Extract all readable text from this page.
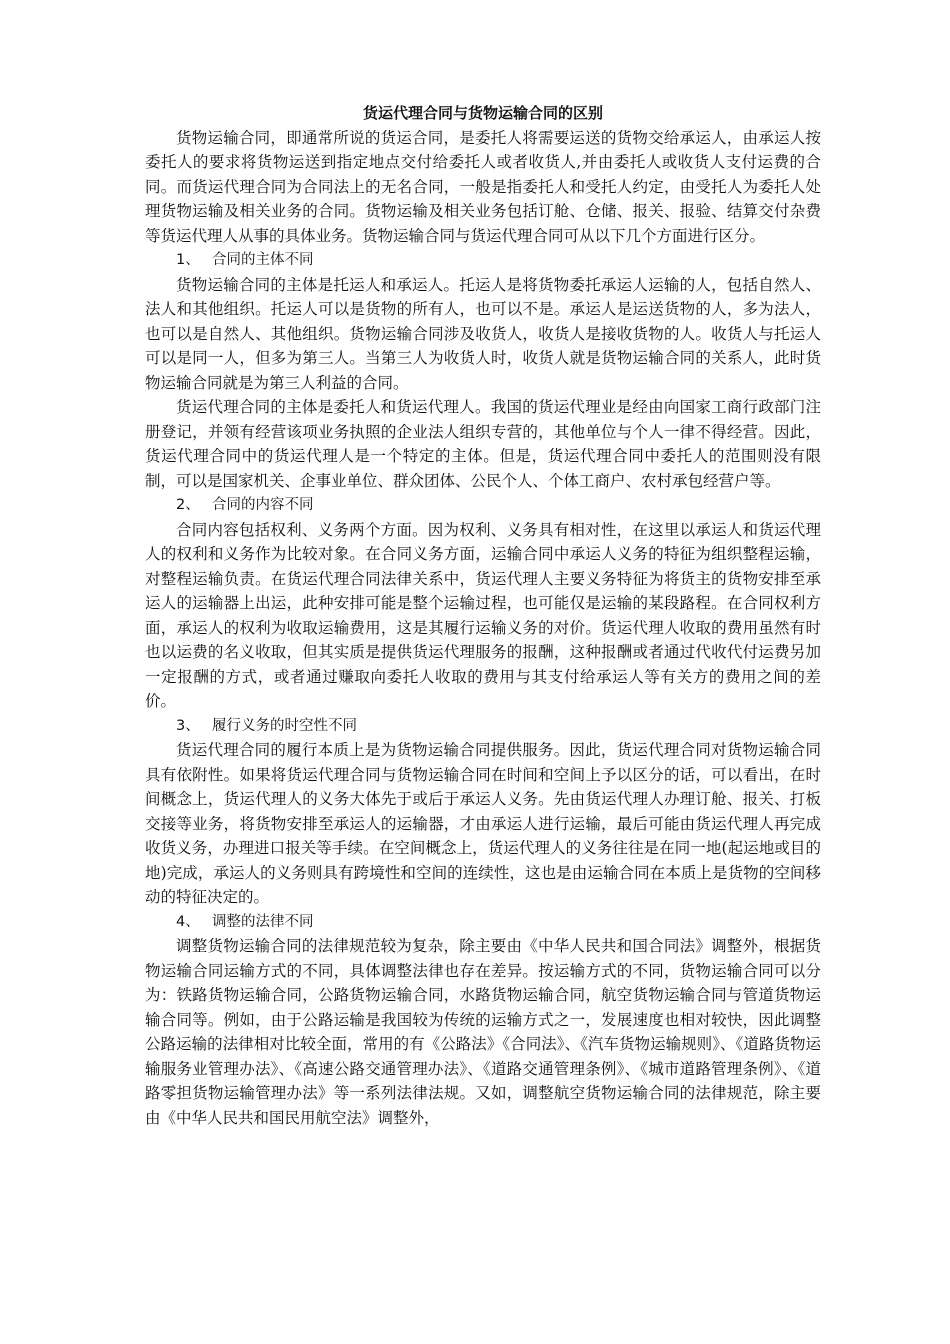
货运代理合同与货物运输合同的区别

货物运输合同，即通常所说的货运合同，是委托人将需要运送的货物交给承运人，由承运人按委托人的要求将货物运送到指定地点交付给委托人或者收货人,并由委托人或收货人支付运费的合同。而货运代理合同为合同法上的无名合同，一般是指委托人和受托人约定，由受托人为委托人处理货物运输及相关业务的合同。货物运输及相关业务包括订舱、仓储、报关、报验、结算交付杂费等货运代理人从事的具体业务。货物运输合同与货运代理合同可从以下几个方面进行区分。

1、 合同的主体不同

货物运输合同的主体是托运人和承运人。托运人是将货物委托承运人运输的人，包括自然人、法人和其他组织。托运人可以是货物的所有人，也可以不是。承运人是运送货物的人，多为法人，也可以是自然人、其他组织。货物运输合同涉及收货人，收货人是接收货物的人。收货人与托运人可以是同一人，但多为第三人。当第三人为收货人时，收货人就是货物运输合同的关系人，此时货物运输合同就是为第三人利益的合同。

货运代理合同的主体是委托人和货运代理人。我国的货运代理业是经由向国家工商行政部门注册登记，并领有经营该项业务执照的企业法人组织专营的，其他单位与个人一律不得经营。因此，货运代理合同中的货运代理人是一个特定的主体。但是，货运代理合同中委托人的范围则没有限制，可以是国家机关、企事业单位、群众团体、公民个人、个体工商户、农村承包经营户等。

2、 合同的内容不同

合同内容包括权利、义务两个方面。因为权利、义务具有相对性，在这里以承运人和货运代理人的权利和义务作为比较对象。在合同义务方面，运输合同中承运人义务的特征为组织整程运输，对整程运输负责。在货运代理合同法律关系中，货运代理人主要义务特征为将货主的货物安排至承运人的运输器上出运，此种安排可能是整个运输过程，也可能仅是运输的某段路程。在合同权利方面，承运人的权利为收取运输费用，这是其履行运输义务的对价。货运代理人收取的费用虽然有时也以运费的名义收取，但其实质是提供货运代理服务的报酬，这种报酬或者通过代收代付运费另加一定报酬的方式，或者通过赚取向委托人收取的费用与其支付给承运人等有关方的费用之间的差价。

3、 履行义务的时空性不同

货运代理合同的履行本质上是为货物运输合同提供服务。因此，货运代理合同对货物运输合同具有依附性。如果将货运代理合同与货物运输合同在时间和空间上予以区分的话，可以看出，在时间概念上，货运代理人的义务大体先于或后于承运人义务。先由货运代理人办理订舱、报关、打板交接等业务，将货物安排至承运人的运输器，才由承运人进行运输，最后可能由货运代理人再完成收货义务，办理进口报关等手续。在空间概念上，货运代理人的义务往往是在同一地(起运地或目的地)完成，承运人的义务则具有跨境性和空间的连续性，这也是由运输合同在本质上是货物的空间移动的特征决定的。

4、 调整的法律不同

调整货物运输合同的法律规范较为复杂，除主要由《中华人民共和国合同法》调整外，根据货物运输合同运输方式的不同，具体调整法律也存在差异。按运输方式的不同，货物运输合同可以分为：铁路货物运输合同，公路货物运输合同，水路货物运输合同，航空货物运输合同与管道货物运输合同等。例如，由于公路运输是我国较为传统的运输方式之一，发展速度也相对较快，因此调整公路运输的法律相对比较全面，常用的有《公路法》《合同法》、《汽车货物运输规则》、《道路货物运输服务业管理办法》、《高速公路交通管理办法》、《道路交通管理条例》、《城市道路管理条例》、《道路零担货物运输管理办法》等一系列法律法规。又如，调整航空货物运输合同的法律规范，除主要由《中华人民共和国民用航空法》调整外，
